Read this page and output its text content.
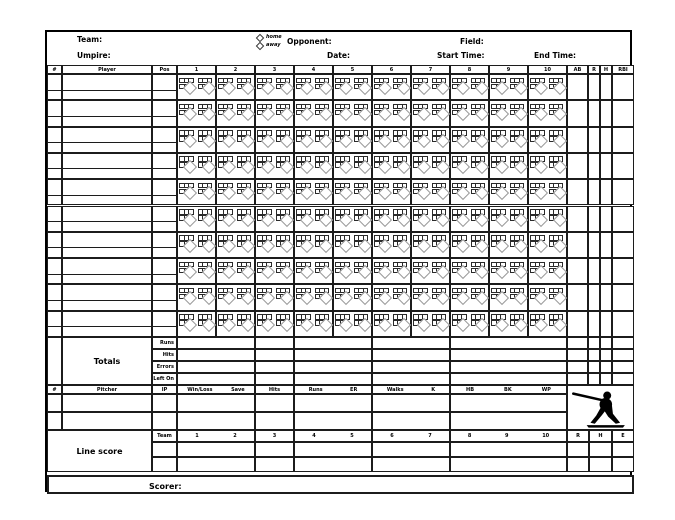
Team:
Umpire:
home
away Opponent:
Date:
Field:
Start Time:	End Time:
#	Player	Pos	1	2	3	4	5	6	7	8	9	10	AB	R	H	RBI
Totals
Runs
Hits
Errors
Left On
#	Pitcher	IP	Win/Loss	Save	Hits	Runs	ER	Walks	K	HB	BK	WP
Line score
Team	1	2	3	4	5	6	7	8	9	10	R	H	E
Scorer:
